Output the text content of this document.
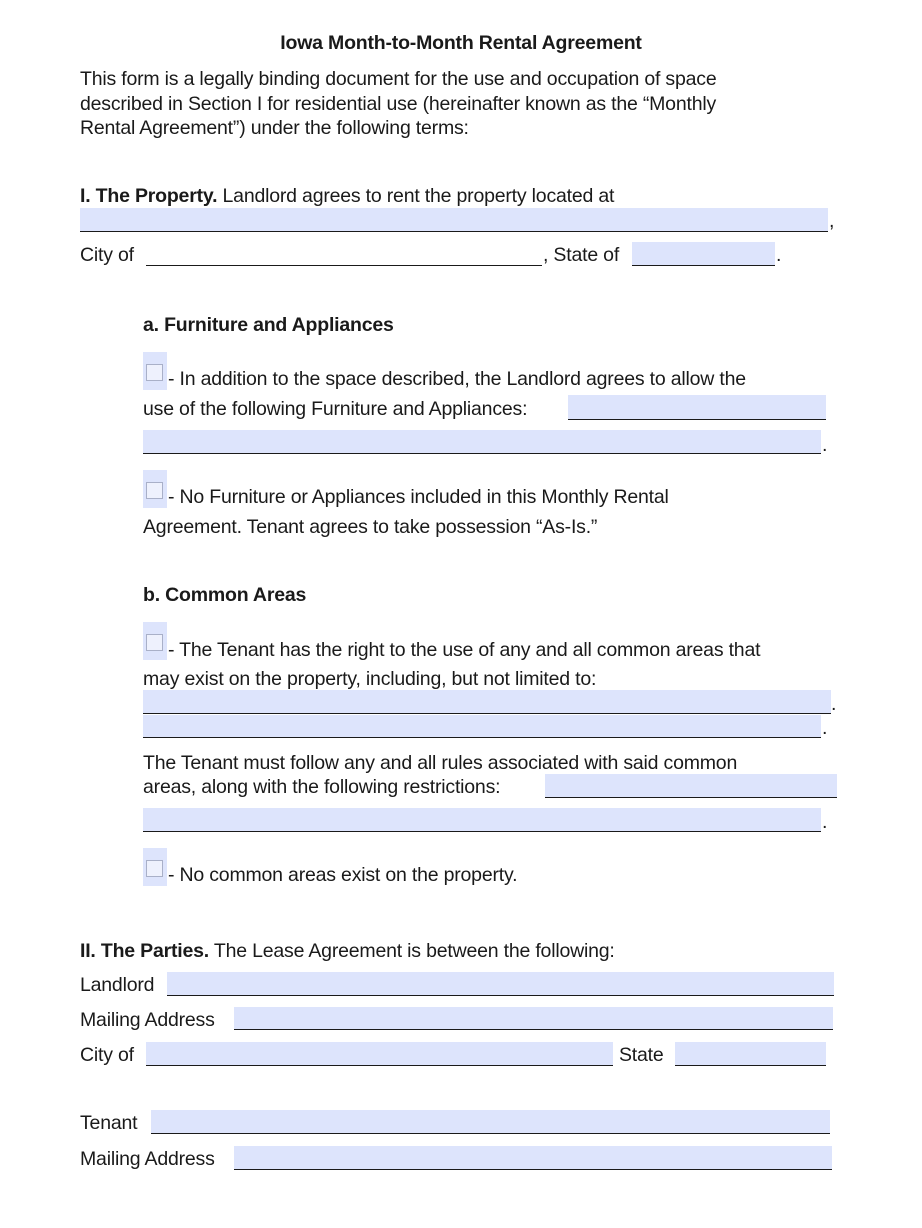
Iowa Month-to-Month Rental Agreement
This form is a legally binding document for the use and occupation of space
described in Section I for residential use (hereinafter known as the “Monthly
Rental Agreement”) under the following terms:
I. The Property. Landlord agrees to rent the property located at
,
City of	, State of	.
a. Furniture and Appliances
- In addition to the space described, the Landlord agrees to allow the
use of the following Furniture and Appliances:
.
- No Furniture or Appliances included in this Monthly Rental
Agreement. Tenant agrees to take possession “As-Is.”
b. Common Areas
- The Tenant has the right to the use of any and all common areas that
may exist on the property, including, but not limited to:
.
.
The Tenant must follow any and all rules associated with said common
areas, along with the following restrictions:
.
- No common areas exist on the property.
II. The Parties. The Lease Agreement is between the following:
Landlord
Mailing Address
City of	State
Tenant
Mailing Address
